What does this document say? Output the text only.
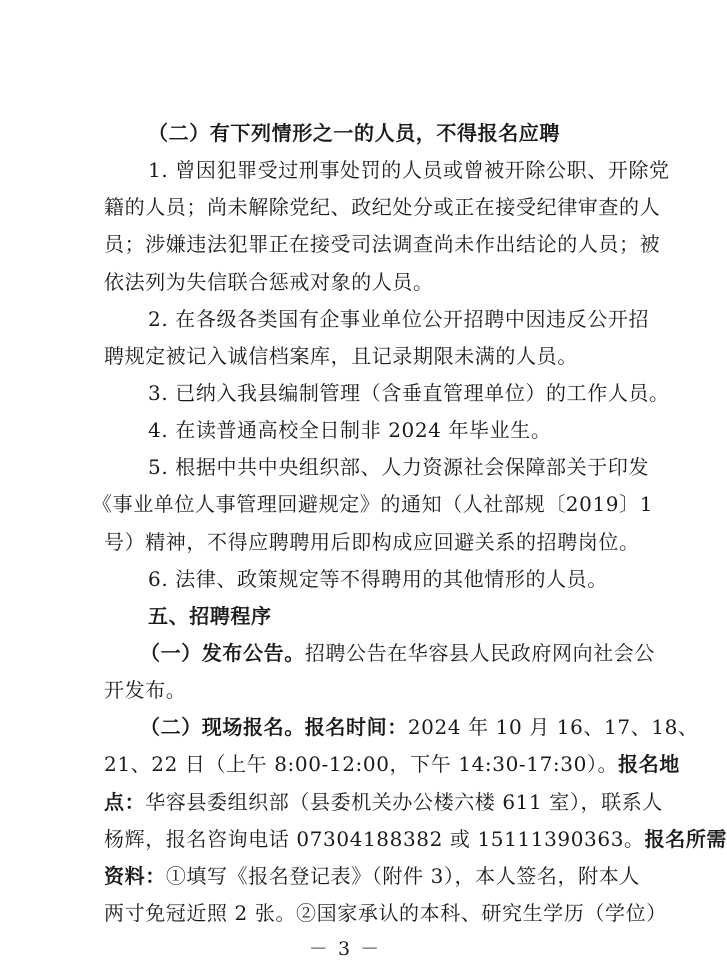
（二）有下列情形之一的人员，不得报名应聘
1. 曾因犯罪受过刑事处罚的人员或曾被开除公职、开除党
籍的人员；尚未解除党纪、政纪处分或正在接受纪律审查的人
员；涉嫌违法犯罪正在接受司法调查尚未作出结论的人员；被
依法列为失信联合惩戒对象的人员。
2. 在各级各类国有企事业单位公开招聘中因违反公开招
聘规定被记入诚信档案库，且记录期限未满的人员。
3. 已纳入我县编制管理（含垂直管理单位）的工作人员。
4. 在读普通高校全日制非 2024 年毕业生。
5. 根据中共中央组织部、人力资源社会保障部关于印发
《事业单位人事管理回避规定》的通知（人社部规〔2019〕1
号）精神，不得应聘聘用后即构成应回避关系的招聘岗位。
6. 法律、政策规定等不得聘用的其他情形的人员。
五、招聘程序
（一）发布公告。招聘公告在华容县人民政府网向社会公
开发布。
（二）现场报名。报名时间：2024 年 10 月 16、17、18、
21、22 日（上午 8:00-12:00，下午 14:30-17:30）。报名地
点：华容县委组织部（县委机关办公楼六楼 611 室），联系人
杨辉，报名咨询电话 07304188382 或 15111390363。报名所需
资料：①填写《报名登记表》（附件 3），本人签名，附本人
两寸免冠近照 2 张。②国家承认的本科、研究生学历（学位）
－ 3 －
